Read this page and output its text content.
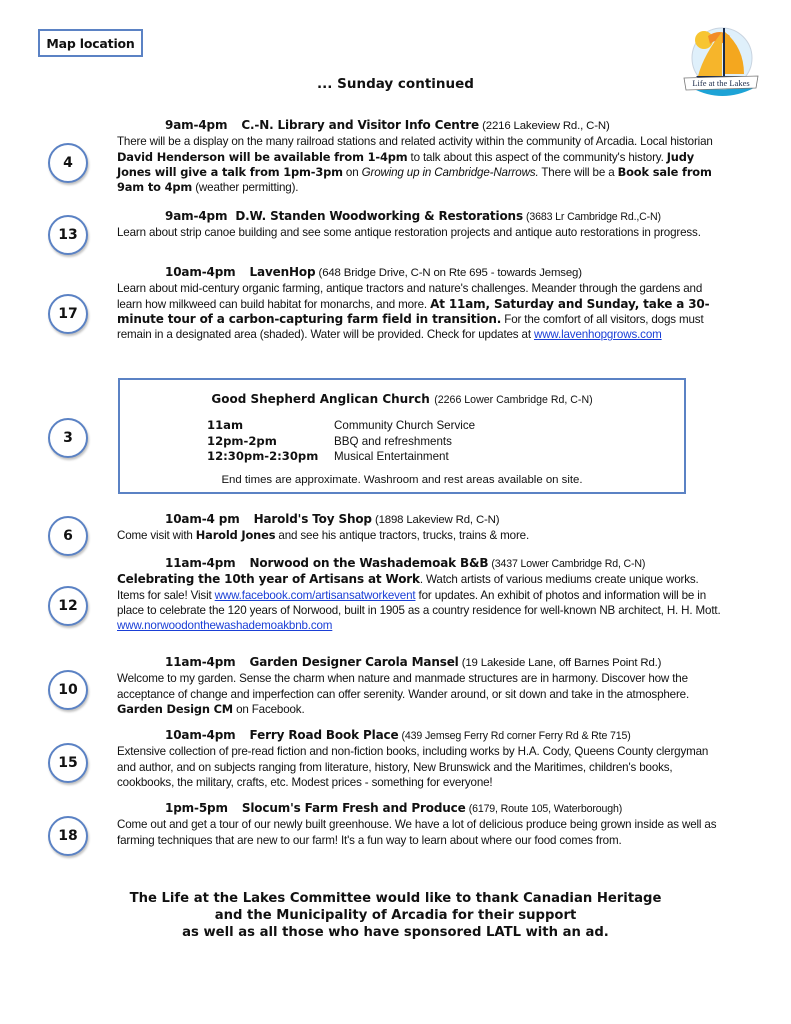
Map location
Life at the Lakes
... Sunday continued
4
9am-4pm C.-N. Library and Visitor Info Centre (2216 Lakeview Rd., C-N)
There will be a display on the many railroad stations and related activity within the community of Arcadia. Local historian David Henderson will be available from 1-4pm to talk about this aspect of the community's history. Judy Jones will give a talk from 1pm-3pm on Growing up in Cambridge-Narrows. There will be a Book sale from 9am to 4pm (weather permitting).
13
9am-4pm D.W. Standen Woodworking & Restorations (3683 Lr Cambridge Rd.,C-N)
Learn about strip canoe building and see some antique restoration projects and antique auto restorations in progress.
17
10am-4pm LavenHop (648 Bridge Drive, C-N on Rte 695 - towards Jemseg)
Learn about mid-century organic farming, antique tractors and nature's challenges. Meander through the gardens and learn how milkweed can build habitat for monarchs, and more. At 11am, Saturday and Sunday, take a 30-minute tour of a carbon-capturing farm field in transition. For the comfort of all visitors, dogs must remain in a designated area (shaded). Water will be provided. Check for updates at www.lavenhopgrows.com
3
Good Shepherd Anglican Church (2266 Lower Cambridge Rd, C-N)
11am	Community Church Service
12pm-2pm	BBQ and refreshments
12:30pm-2:30pm	Musical Entertainment
End times are approximate. Washroom and rest areas available on site.
6
10am-4 pm Harold's Toy Shop (1898 Lakeview Rd, C-N)
Come visit with Harold Jones and see his antique tractors, trucks, trains & more.
12
11am-4pm Norwood on the Washademoak B&B (3437 Lower Cambridge Rd, C-N)
Celebrating the 10th year of Artisans at Work. Watch artists of various mediums create unique works. Items for sale! Visit www.facebook.com/artisansatworkevent for updates. An exhibit of photos and information will be in place to celebrate the 120 years of Norwood, built in 1905 as a country residence for well-known NB architect, H. H. Mott. www.norwoodonthewashademoakbnb.com
10
11am-4pm Garden Designer Carola Mansel (19 Lakeside Lane, off Barnes Point Rd.)
Welcome to my garden. Sense the charm when nature and manmade structures are in harmony. Discover how the acceptance of change and imperfection can offer serenity. Wander around, or sit down and take in the atmosphere. Garden Design CM on Facebook.
15
10am-4pm Ferry Road Book Place (439 Jemseg Ferry Rd corner Ferry Rd & Rte 715)
Extensive collection of pre-read fiction and non-fiction books, including works by H.A. Cody, Queens County clergyman and author, and on subjects ranging from literature, history, New Brunswick and the Maritimes, children's books, cookbooks, the military, crafts, etc. Modest prices - something for everyone!
18
1pm-5pm Slocum's Farm Fresh and Produce (6179, Route 105, Waterborough)
Come out and get a tour of our newly built greenhouse. We have a lot of delicious produce being grown inside as well as farming techniques that are new to our farm! It's a fun way to learn about where our food comes from.
The Life at the Lakes Committee would like to thank Canadian Heritage
and the Municipality of Arcadia for their support
as well as all those who have sponsored LATL with an ad.
